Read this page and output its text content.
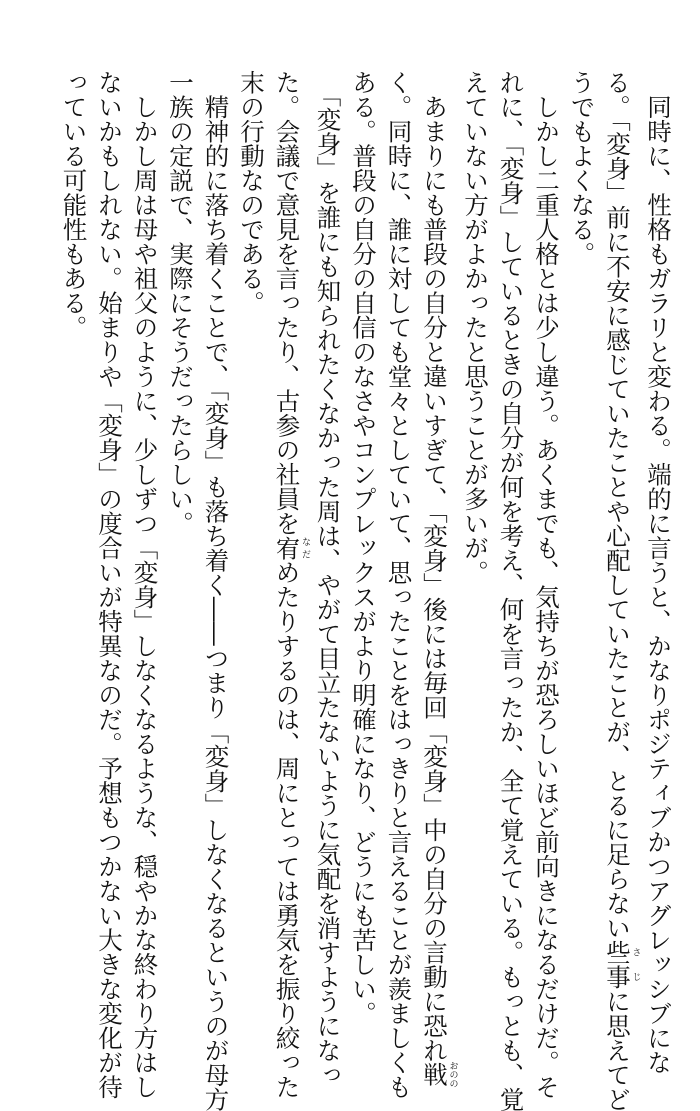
　同時に、性格もガラリと変わる。端的に言うと、かなりポジティブかつアグレッシブにな
る。「変身」前に不安に感じていたことや心配していたことが、とるに足らない些事さじに思えてど
うでもよくなる。
　しかし二重人格とは少し違う。あくまでも、気持ちが恐ろしいほど前向きになるだけだ。そ
れに、「変身」しているときの自分が何を考え、何を言ったか、全て覚えている。もっとも、覚
えていない方がよかったと思うことが多いが。
　あまりにも普段の自分と違いすぎて、「変身」後には毎回「変身」中の自分の言動に恐れ戦おのの
く。同時に、誰に対しても堂々としていて、思ったことをはっきりと言えることが羨ましくも
ある。普段の自分の自信のなさやコンプレックスがより明確になり、どうにも苦しい。
　「変身」を誰にも知られたくなかった周は、やがて目立たないように気配を消すようになっ
た。会議で意見を言ったり、古参の社員を宥なだめたりするのは、周にとっては勇気を振り絞った
末の行動なのである。
　精神的に落ち着くことで、「変身」も落ち着く――つまり「変身」しなくなるというのが母方
一族の定説で、実際にそうだったらしい。
　しかし周は母や祖父のように、少しずつ「変身」しなくなるような、穏やかな終わり方はし
ないかもしれない。始まりや「変身」の度合いが特異なのだ。予想もつかない大きな変化が待
っている可能性もある。
